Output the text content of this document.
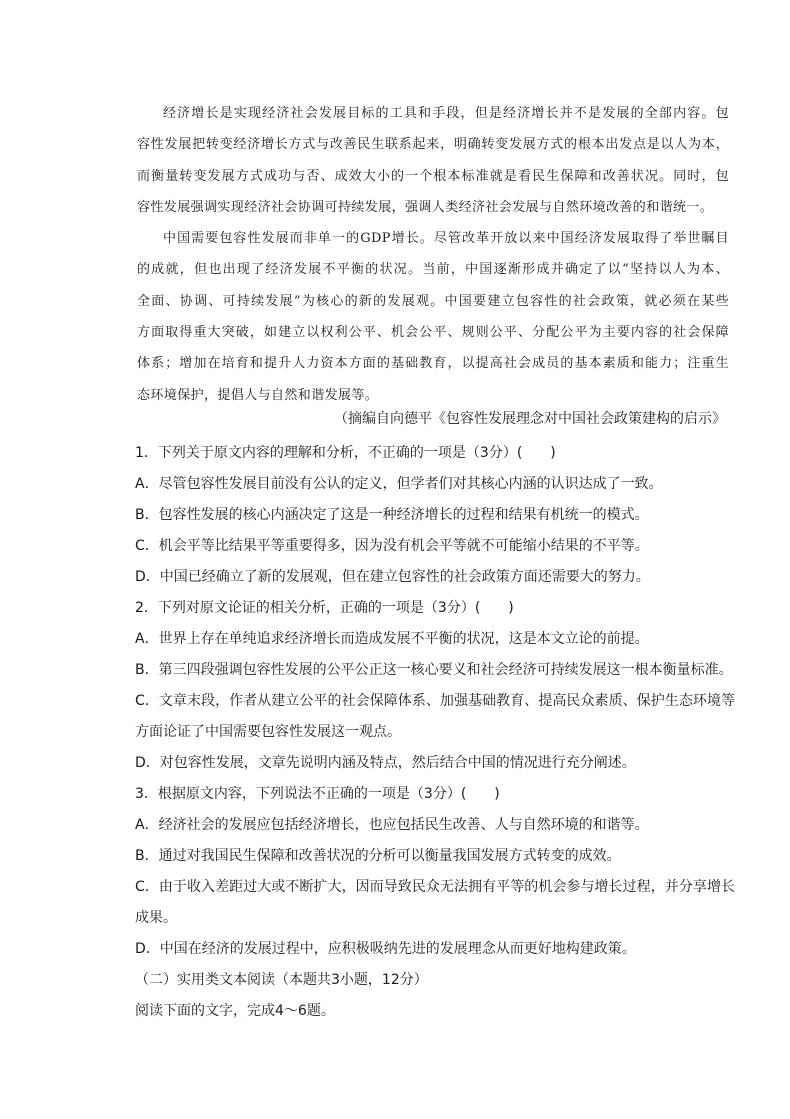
经济增长是实现经济社会发展目标的工具和手段，但是经济增长并不是发展的全部内容。包

容性发展把转变经济增长方式与改善民生联系起来，明确转变发展方式的根本出发点是以人为本，

而衡量转变发展方式成功与否、成效大小的一个根本标准就是看民生保障和改善状况。同时，包

容性发展强调实现经济社会协调可持续发展，强调人类经济社会发展与自然环境改善的和谐统一。

中国需要包容性发展而非单一的GDP增长。尽管改革开放以来中国经济发展取得了举世瞩目

的成就，但也出现了经济发展不平衡的状况。当前，中国逐渐形成并确定了以“坚持以人为本、

全面、协调、可持续发展”为核心的新的发展观。中国要建立包容性的社会政策，就必须在某些

方面取得重大突破，如建立以权利公平、机会公平、规则公平、分配公平为主要内容的社会保障

体系；增加在培育和提升人力资本方面的基础教育，以提高社会成员的基本素质和能力；注重生

态环境保护，提倡人与自然和谐发展等。

（摘编自向德平《包容性发展理念对中国社会政策建构的启示》
1．下列关于原文内容的理解和分析，不正确的一项是（3分）(　　)
A．尽管包容性发展目前没有公认的定义，但学者们对其核心内涵的认识达成了一致。
B．包容性发展的核心内涵决定了这是一种经济增长的过程和结果有机统一的模式。
C．机会平等比结果平等重要得多，因为没有机会平等就不可能缩小结果的不平等。
D．中国已经确立了新的发展观，但在建立包容性的社会政策方面还需要大的努力。
2．下列对原文论证的相关分析，正确的一项是（3分）(　　)
A．世界上存在单纯追求经济增长而造成发展不平衡的状况，这是本文立论的前提。
B．第三四段强调包容性发展的公平公正这一核心要义和社会经济可持续发展这一根本衡量标准。
C．文章末段，作者从建立公平的社会保障体系、加强基础教育、提高民众素质、保护生态环境等
方面论证了中国需要包容性发展这一观点。
D．对包容性发展，文章先说明内涵及特点，然后结合中国的情况进行充分阐述。
3．根据原文内容，下列说法不正确的一项是（3分）(　　)
A．经济社会的发展应包括经济增长，也应包括民生改善、人与自然环境的和谐等。
B．通过对我国民生保障和改善状况的分析可以衡量我国发展方式转变的成效。
C．由于收入差距过大或不断扩大，因而导致民众无法拥有平等的机会参与增长过程，并分享增长
成果。
D．中国在经济的发展过程中，应积极吸纳先进的发展理念从而更好地构建政策。
（二）实用类文本阅读（本题共3小题，12分）
阅读下面的文字，完成4～6题。
